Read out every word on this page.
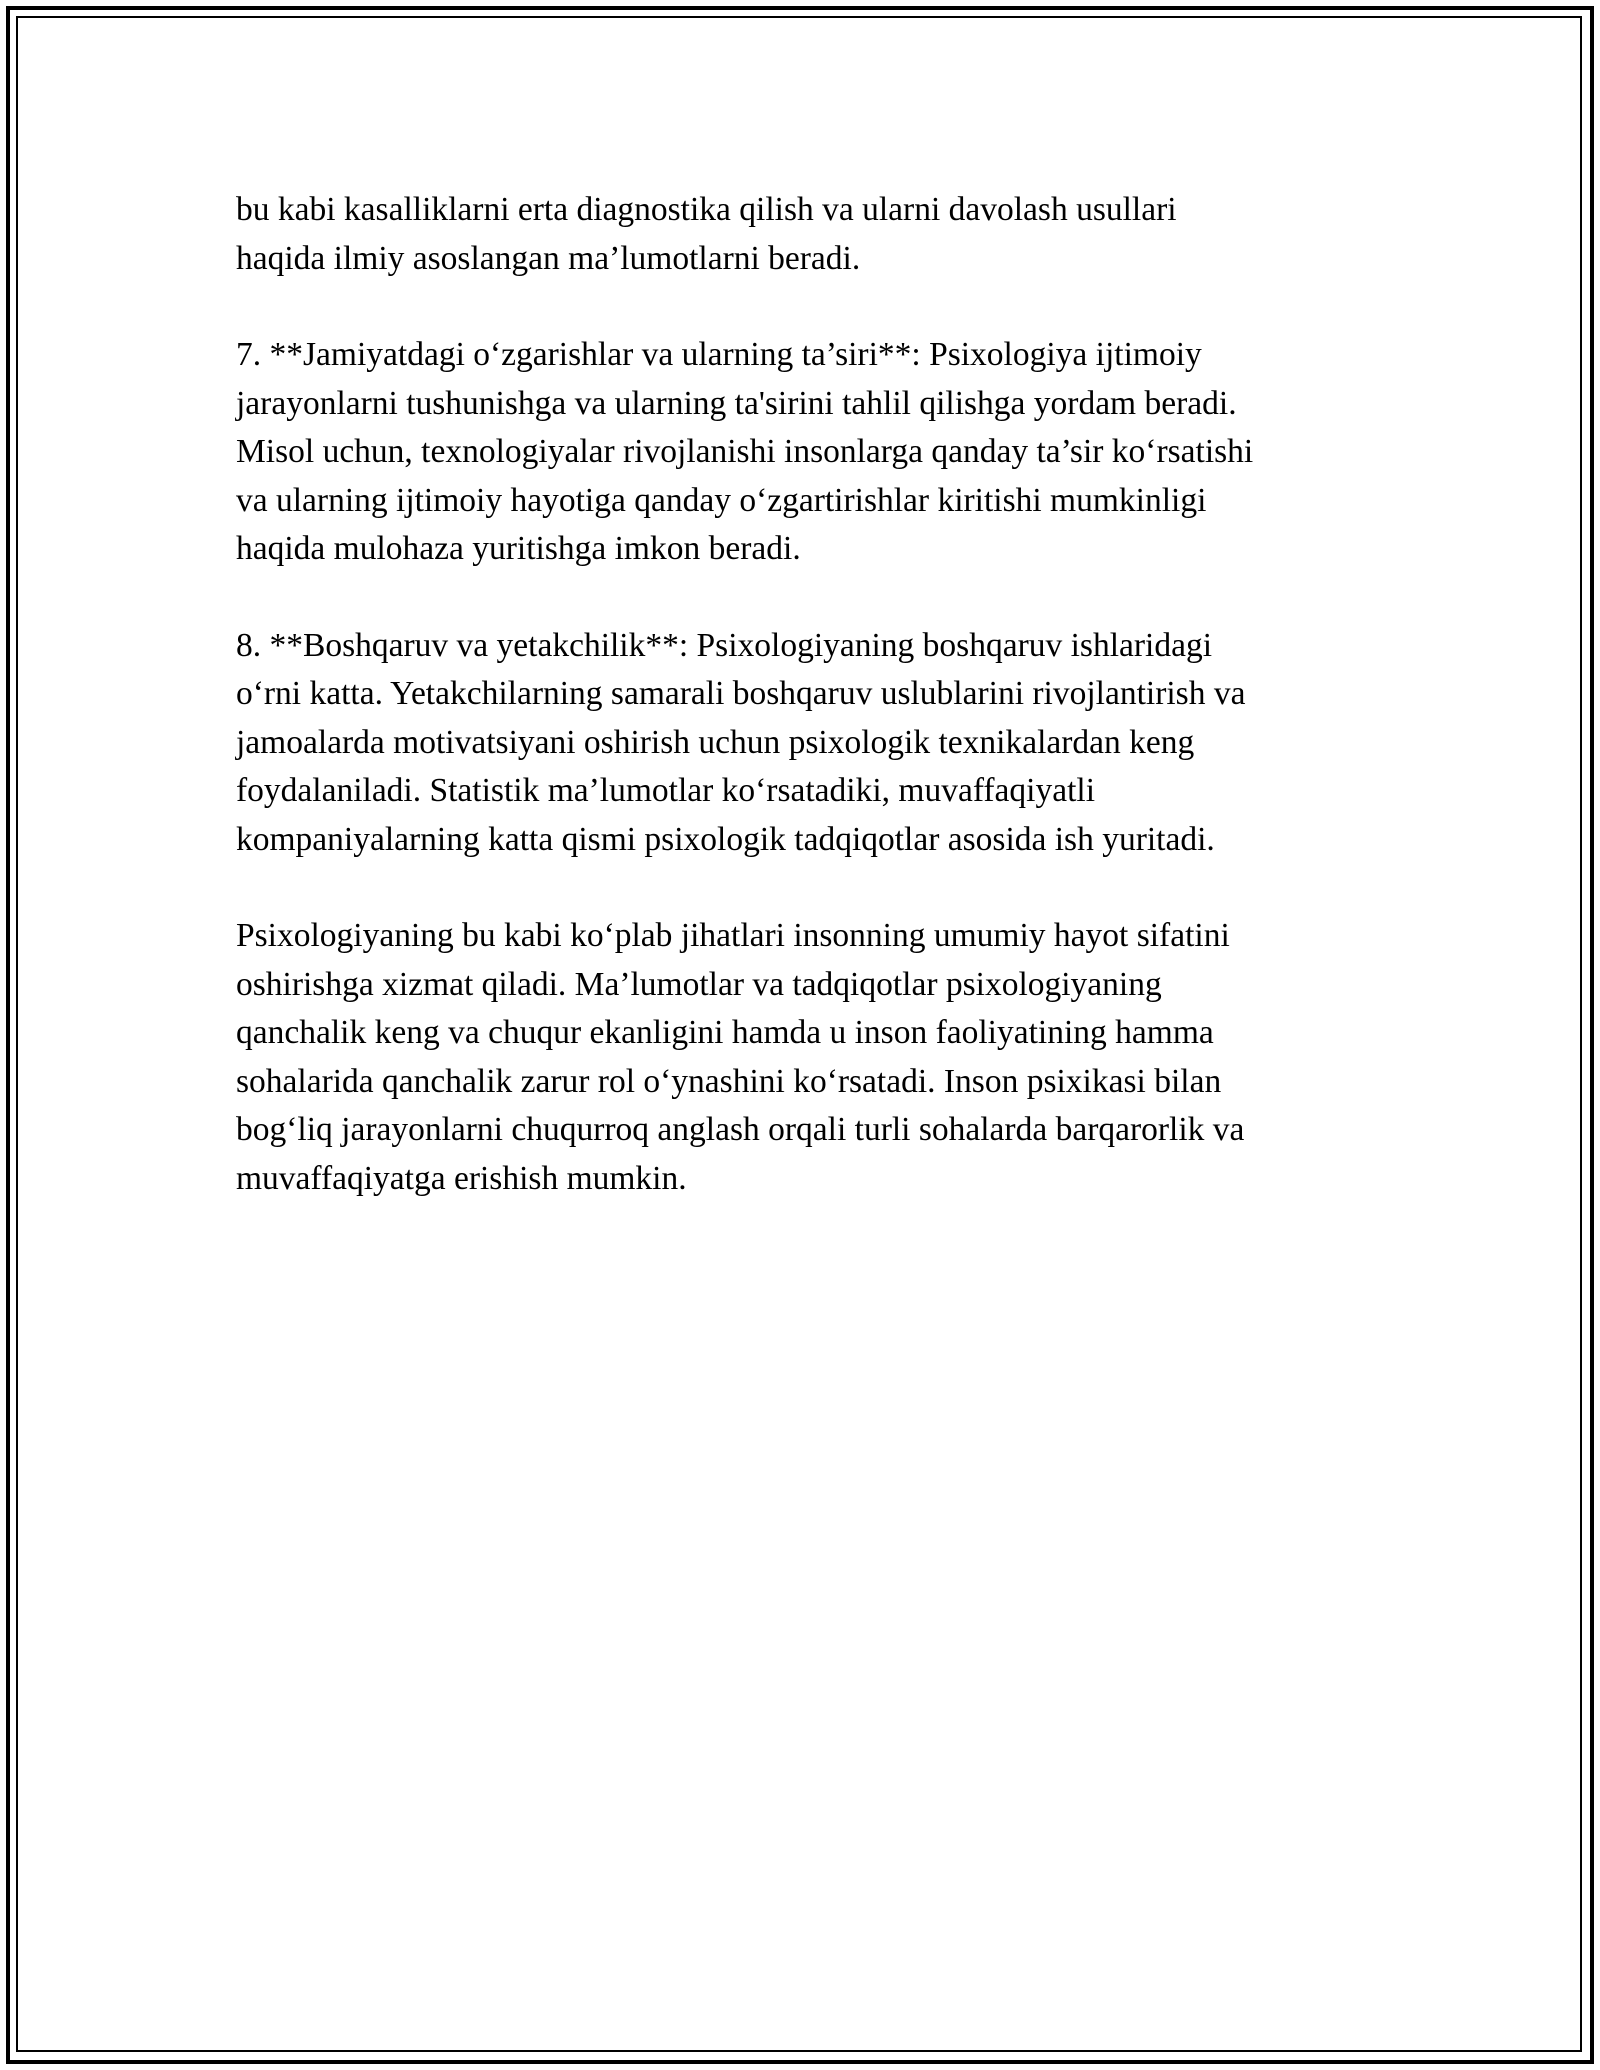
bu kabi kasalliklarni erta diagnostika qilish va ularni davolash usullari
haqida ilmiy asoslangan ma’lumotlarni beradi.

7. **Jamiyatdagi o‘zgarishlar va ularning ta’siri**: Psixologiya ijtimoiy
jarayonlarni tushunishga va ularning ta'sirini tahlil qilishga yordam beradi.
Misol uchun, texnologiyalar rivojlanishi insonlarga qanday ta’sir ko‘rsatishi
va ularning ijtimoiy hayotiga qanday o‘zgartirishlar kiritishi mumkinligi
haqida mulohaza yuritishga imkon beradi.

8. **Boshqaruv va yetakchilik**: Psixologiyaning boshqaruv ishlaridagi
o‘rni katta. Yetakchilarning samarali boshqaruv uslublarini rivojlantirish va
jamoalarda motivatsiyani oshirish uchun psixologik texnikalardan keng
foydalaniladi. Statistik ma’lumotlar ko‘rsatadiki, muvaffaqiyatli
kompaniyalarning katta qismi psixologik tadqiqotlar asosida ish yuritadi.

Psixologiyaning bu kabi ko‘plab jihatlari insonning umumiy hayot sifatini
oshirishga xizmat qiladi. Ma’lumotlar va tadqiqotlar psixologiyaning
qanchalik keng va chuqur ekanligini hamda u inson faoliyatining hamma
sohalarida qanchalik zarur rol o‘ynashini ko‘rsatadi. Inson psixikasi bilan
bog‘liq jarayonlarni chuqurroq anglash orqali turli sohalarda barqarorlik va
muvaffaqiyatga erishish mumkin.
